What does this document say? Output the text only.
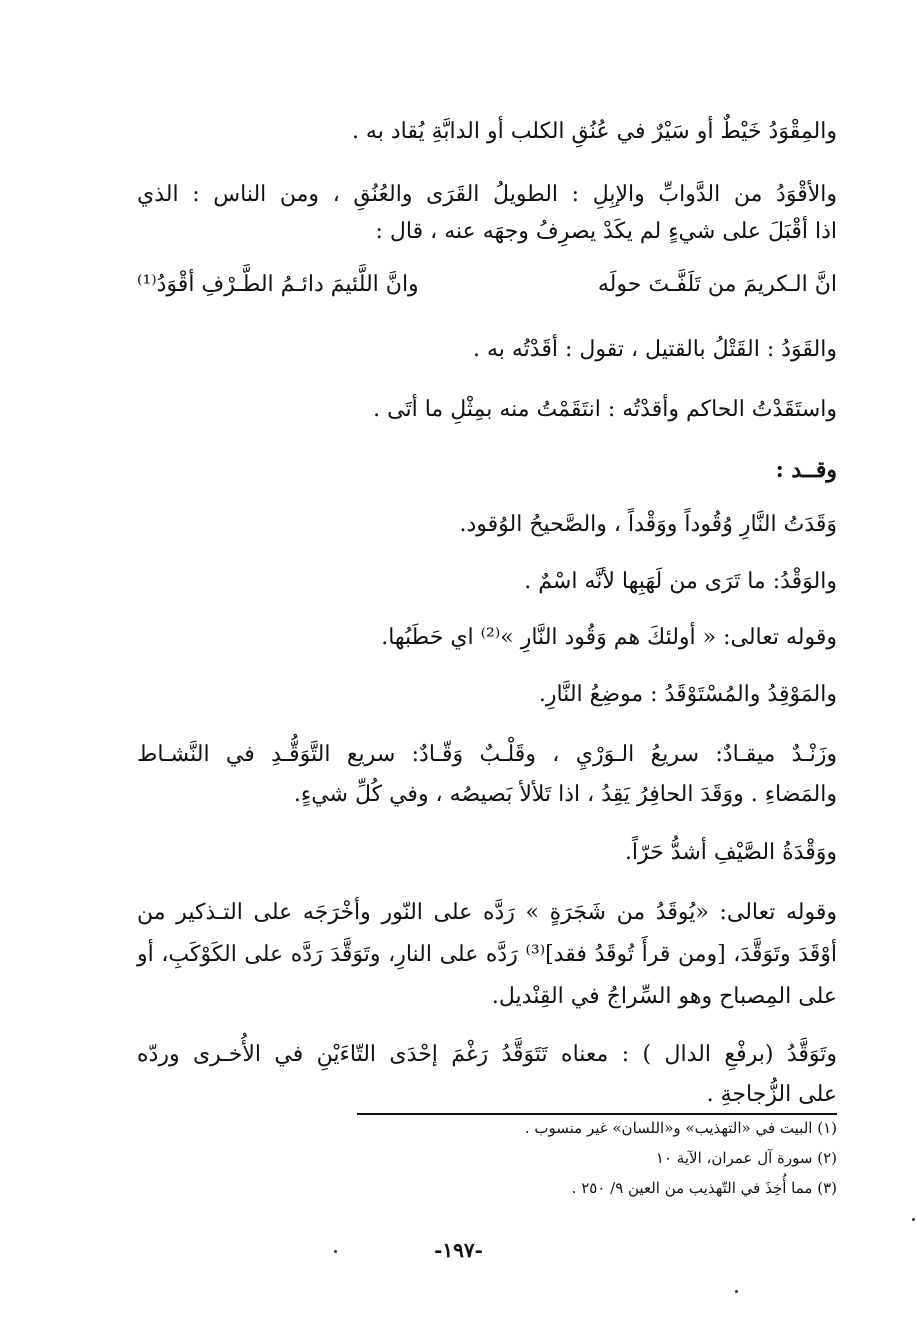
والمِقْوَدُ خَيْطٌ أو سَيْرٌ في عُنُقِ الكلب أو الدابَّةِ يُقاد به .
والأقْوَدُ من الدَّوابِّ والإبِلِ : الطويلُ القَرَى والعُنُقِ ، ومن الناس : الذي
اذا أقْبَلَ على شيءٍ لم يكَدْ يصرِفُ وجهَه عنه ، قال :
انَّ الـكريمَ من تَلَفَّـتَ حولَه
وانَّ اللَّئيمَ دائـمُ الطَّـرْفِ أقْوَدُ⁽¹⁾
والقَوَدُ : القَتْلُ بالقتيل ، تقول : أقَدْتُه به .
واستَقَدْتُ الحاكم وأقدْتُه : انتَقَمْتُ منه بمِثْلِ ما أتَى .
وقــد :
وَقَدَتُ النَّارِ وُقُوداً ووَقْداً ، والصَّحيحُ الوُقود.
والوَقْدُ: ما تَرَى من لَهَبِها لأنَّه اسْمٌ .
وقوله تعالى: « أولئكَ هم وَقُود النَّارِ »⁽²⁾ اي حَطَبُها.
والمَوْقِدُ والمُسْتَوْقَدُ : موضِعُ النَّارِ.
وزَنْـدٌ ميقـادٌ: سريعُ الـوَرْيِ ، وقَلْـبٌ وَقّـادٌ: سريع التَّوَقُّـدِ في النَّشـاط
والمَضاءِ . ووَقَدَ الحافِرُ يَقِدُ ، اذا تَلألأ بَصيصُه ، وفي كُلِّ شيءٍ.
ووَقْدَةُ الصَّيْفِ أشدُّ حَرّاً.
وقوله تعالى: «يُوقَدُ من شَجَرَةٍ » رَدَّه على النّور وأخْرَجَه على التـذكير من
أوْقَدَ وتَوَقَّدَ، [ومن قرأَ تُوقَدُ فقد]⁽³⁾ رَدَّه على النارِ، وتَوَقَّدَ رَدَّه على الكَوْكَبِ، أو
على المِصباح وهو السِّراجُ في القِنْديل.
وتَوَقَّدُ (برفْعِ الدال ) : معناه تَتَوَقَّدُ رَغْمَ إحْدَى التّاءَيْنِ في الأُخـرى وردّه
على الزُّجاجةِ .
(١) البيت في «التهذيب» و«اللسان» غير منسوب .
(٢) سورة آل عمران، الآية ١٠
(٣) مما أُخِذَ في التّهذيب من العين ٩/ ٢٥٠ .
-١٩٧-
